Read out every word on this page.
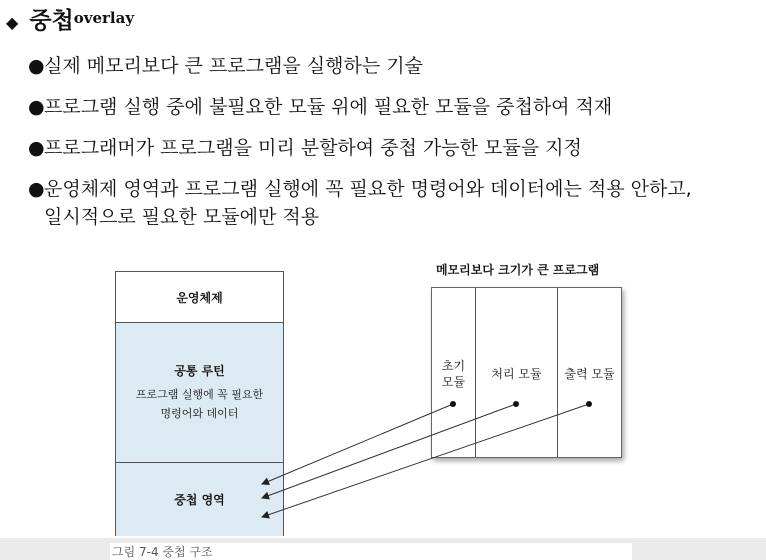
◆ 중첩 overlay
● 실제 메모리보다 큰 프로그램을 실행하는 기술
● 프로그램 실행 중에 불필요한 모듈 위에 필요한 모듈을 중첩하여 적재
● 프로그래머가 프로그램을 미리 분할하여 중첩 가능한 모듈을 지정
● 운영체제 영역과 프로그램 실행에 꼭 필요한 명령어와 데이터에는 적용 안하고,
일시적으로 필요한 모듈에만 적용
운영체제
공통 루틴
프로그램 실행에 꼭 필요한
명령어와 데이터
중첩 영역
메모리보다 크기가 큰 프로그램
초기
모듈
처리 모듈	출력 모듈
그림 7-4 중첩 구조
